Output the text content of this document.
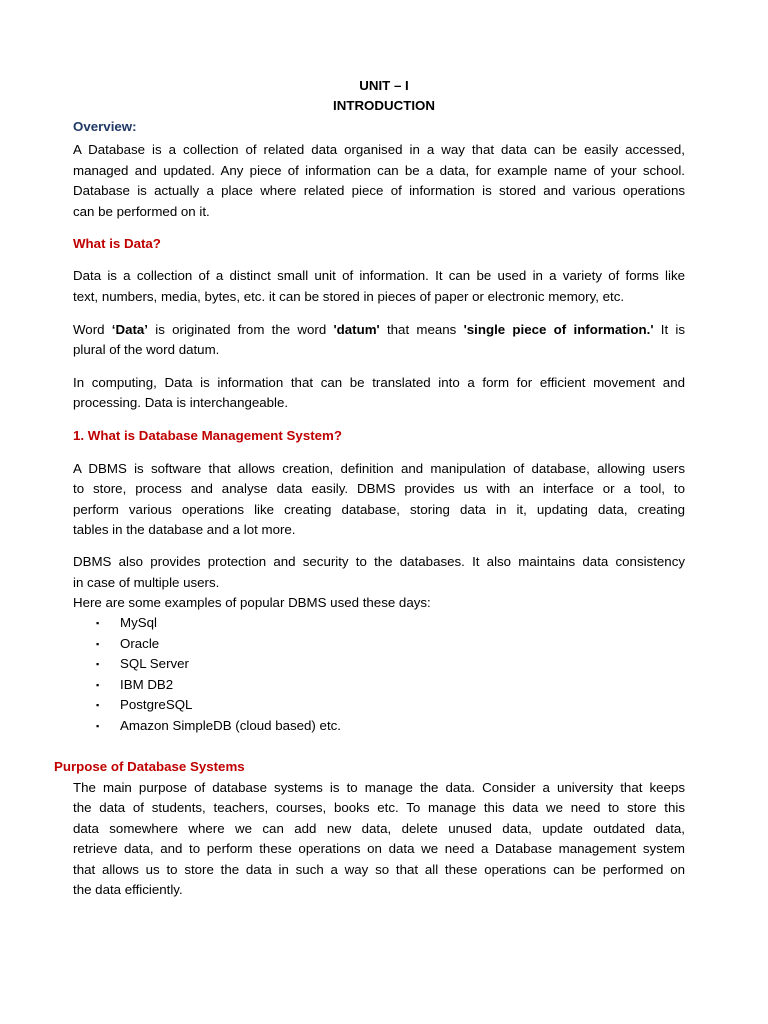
UNIT – I
INTRODUCTION
Overview:
A Database is a collection of related data organised in a way that data can be easily accessed,
managed and updated. Any piece of information can be a data, for example name of your school.
Database is actually a place where related piece of information is stored and various operations
can be performed on it.
What is Data?
Data is a collection of a distinct small unit of information. It can be used in a variety of forms like
text, numbers, media, bytes, etc. it can be stored in pieces of paper or electronic memory, etc.
Word ‘Data’ is originated from the word 'datum' that means 'single piece of information.' It is
plural of the word datum.
In computing, Data is information that can be translated into a form for efficient movement and
processing. Data is interchangeable.
1. What is Database Management System?
A DBMS is software that allows creation, definition and manipulation of database, allowing users
to store, process and analyse data easily. DBMS provides us with an interface or a tool, to
perform various operations like creating database, storing data in it, updating data, creating
tables in the database and a lot more.
DBMS also provides protection and security to the databases. It also maintains data consistency
in case of multiple users.
Here are some examples of popular DBMS used these days:
▪ MySql
▪ Oracle
▪ SQL Server
▪ IBM DB2
▪ PostgreSQL
▪ Amazon SimpleDB (cloud based) etc.
Purpose of Database Systems
The main purpose of database systems is to manage the data. Consider a university that keeps
the data of students, teachers, courses, books etc. To manage this data we need to store this
data somewhere where we can add new data, delete unused data, update outdated data,
retrieve data, and to perform these operations on data we need a Database management system
that allows us to store the data in such a way so that all these operations can be performed on
the data efficiently.
